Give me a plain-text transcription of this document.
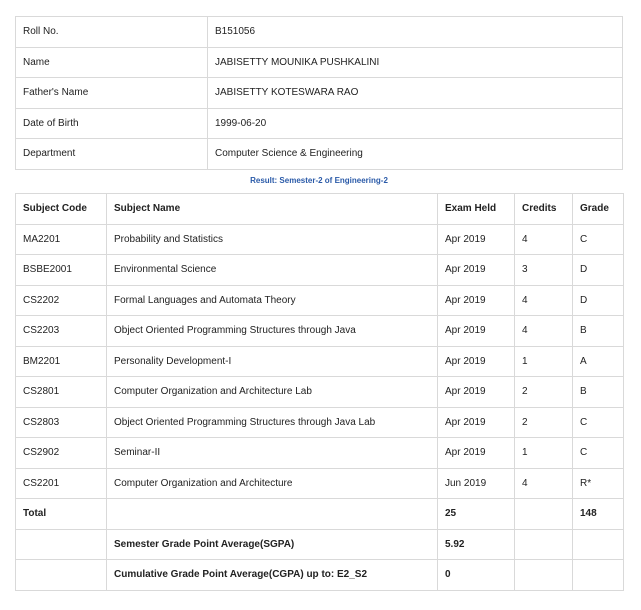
Roll No.	B151056
Name	JABISETTY MOUNIKA PUSHKALINI
Father's Name	JABISETTY KOTESWARA RAO
Date of Birth	1999-06-20
Department	Computer Science & Engineering
Result: Semester-2 of Engineering-2
Subject Code	Subject Name	Exam Held	Credits	Grade
MA2201	Probability and Statistics	Apr 2019	4	C
BSBE2001	Environmental Science	Apr 2019	3	D
CS2202	Formal Languages and Automata Theory	Apr 2019	4	D
CS2203	Object Oriented Programming Structures through Java	Apr 2019	4	B
BM2201	Personality Development-I	Apr 2019	1	A
CS2801	Computer Organization and Architecture Lab	Apr 2019	2	B
CS2803	Object Oriented Programming Structures through Java Lab	Apr 2019	2	C
CS2902	Seminar-II	Apr 2019	1	C
CS2201	Computer Organization and Architecture	Jun 2019	4	R*
Total		25		148
	Semester Grade Point Average(SGPA)	5.92		
	Cumulative Grade Point Average(CGPA) up to: E2_S2	0		
